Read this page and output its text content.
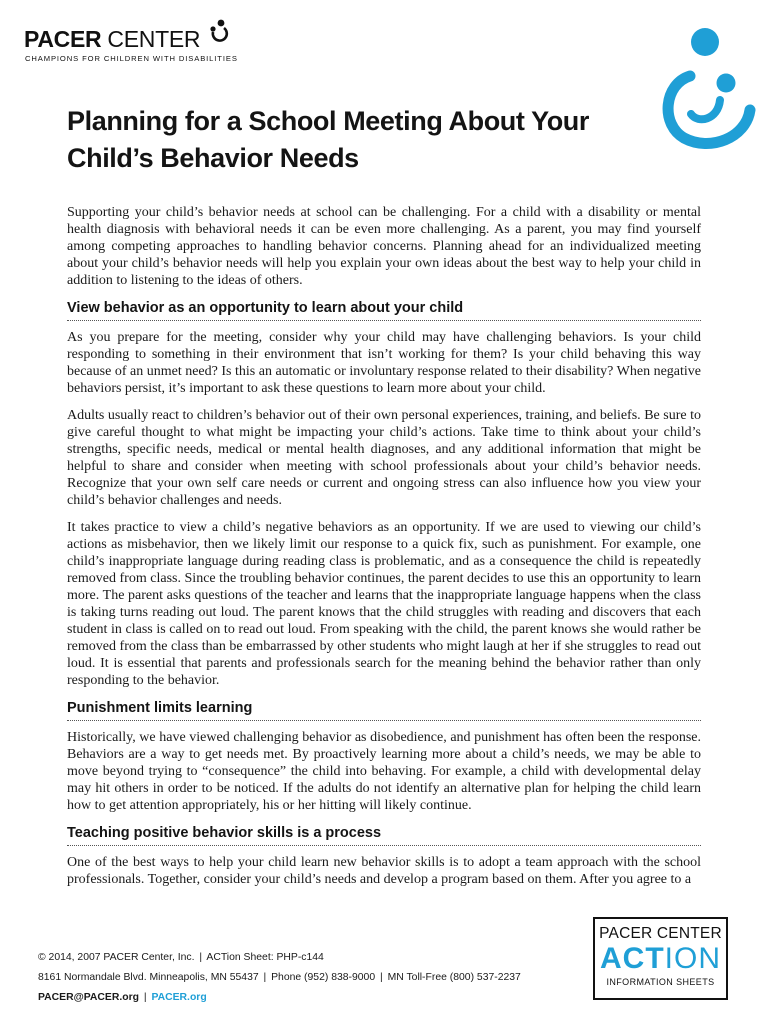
PACER CENTER
CHAMPIONS FOR CHILDREN WITH DISABILITIES
Planning for a School Meeting About Your Child’s Behavior Needs

Supporting your child’s behavior needs at school can be challenging. For a child with a disability or mental health diagnosis with behavioral needs it can be even more challenging. As a parent, you may find yourself among competing approaches to handling behavior concerns. Planning ahead for an individualized meeting about your child’s behavior needs will help you explain your own ideas about the best way to help your child in addition to listening to the ideas of others.

View behavior as an opportunity to learn about your child

As you prepare for the meeting, consider why your child may have challenging behaviors. Is your child responding to something in their environment that isn’t working for them? Is your child behaving this way because of an unmet need? Is this an automatic or involuntary response related to their disability? When negative behaviors persist, it’s important to ask these questions to learn more about your child.

Adults usually react to children’s behavior out of their own personal experiences, training, and beliefs. Be sure to give careful thought to what might be impacting your child’s actions. Take time to think about your child’s strengths, specific needs, medical or mental health diagnoses, and any additional information that might be helpful to share and consider when meeting with school professionals about your child’s behavior needs. Recognize that your own self care needs or current and ongoing stress can also influence how you view your child’s behavior challenges and needs.

It takes practice to view a child’s negative behaviors as an opportunity. If we are used to viewing our child’s actions as misbehavior, then we likely limit our response to a quick fix, such as punishment. For example, one child’s inappropriate language during reading class is problematic, and as a consequence the child is repeatedly removed from class. Since the troubling behavior continues, the parent decides to use this an opportunity to learn more. The parent asks questions of the teacher and learns that the inappropriate language happens when the class is taking turns reading out loud. The parent knows that the child struggles with reading and discovers that each student in class is called on to read out loud. From speaking with the child, the parent knows she would rather be removed from the class than be embarrassed by other students who might laugh at her if she struggles to read out loud. It is essential that parents and professionals search for the meaning behind the behavior rather than only responding to the behavior.

Punishment limits learning

Historically, we have viewed challenging behavior as disobedience, and punishment has often been the response. Behaviors are a way to get needs met. By proactively learning more about a child’s needs, we may be able to move beyond trying to “consequence” the child into behaving. For example, a child with developmental delay may hit others in order to be noticed. If the adults do not identify an alternative plan for helping the child learn how to get attention appropriately, his or her hitting will likely continue.

Teaching positive behavior skills is a process

One of the best ways to help your child learn new behavior skills is to adopt a team approach with the school professionals. Together, consider your child’s needs and develop a program based on them. After you agree to a

© 2014, 2007 PACER Center, Inc. | ACTion Sheet: PHP-c144
8161 Normandale Blvd. Minneapolis, MN 55437 | Phone (952) 838-9000 | MN Toll-Free (800) 537-2237
PACER@PACER.org | PACER.org
PACER CENTER
ACTION
INFORMATION SHEETS
